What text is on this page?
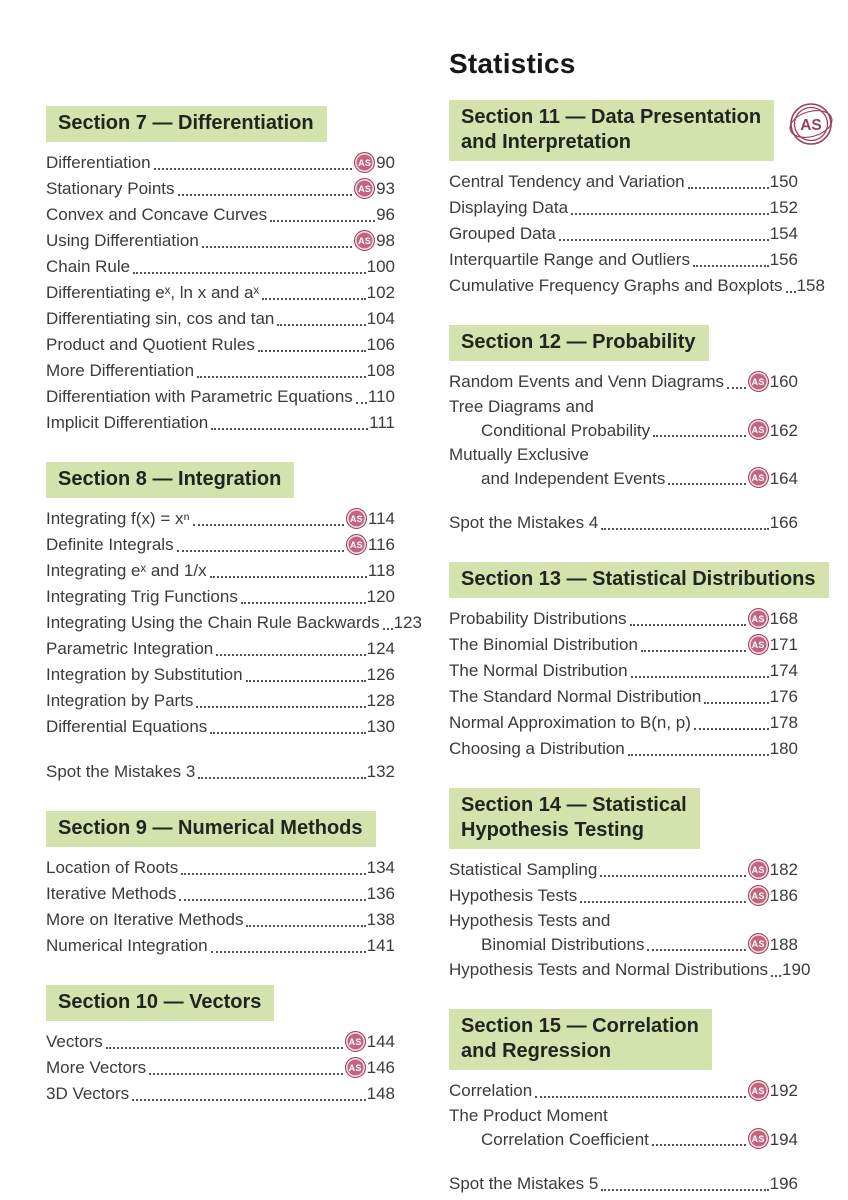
Section 7 — Differentiation
Differentiation	AS 90
Stationary Points	AS 93
Convex and Concave Curves	96
Using Differentiation	AS 98
Chain Rule	100
Differentiating eˣ, ln x and aˣ	102
Differentiating sin, cos and tan	104
Product and Quotient Rules	106
More Differentiation	108
Differentiation with Parametric Equations 110
Implicit Differentiation	111
Section 8 — Integration
Integrating f(x) = xⁿ	AS 114
Definite Integrals	AS 116
Integrating eˣ and 1/x	118
Integrating Trig Functions	120
Integrating Using the Chain Rule Backwards 123
Parametric Integration	124
Integration by Substitution	126
Integration by Parts	128
Differential Equations	130
Spot the Mistakes 3	132
Section 9 — Numerical Methods
Location of Roots	134
Iterative Methods	136
More on Iterative Methods	138
Numerical Integration	141
Section 10 — Vectors
Vectors	AS 144
More Vectors	AS 146
3D Vectors	148
Statistics
Section 11 — Data Presentation
and Interpretation
AS
Central Tendency and Variation	150
Displaying Data	152
Grouped Data	154
Interquartile Range and Outliers	156
Cumulative Frequency Graphs and Boxplots 158
Section 12 — Probability
Random Events and Venn Diagrams	AS 160
Tree Diagrams and
Conditional Probability	AS 162
Mutually Exclusive
and Independent Events	AS 164
Spot the Mistakes 4	166
Section 13 — Statistical Distributions
Probability Distributions	AS 168
The Binomial Distribution	AS 171
The Normal Distribution	174
The Standard Normal Distribution	176
Normal Approximation to B(n, p)	178
Choosing a Distribution	180
Section 14 — Statistical
Hypothesis Testing
Statistical Sampling	AS 182
Hypothesis Tests	AS 186
Hypothesis Tests and
Binomial Distributions	AS 188
Hypothesis Tests and Normal Distributions 190
Section 15 — Correlation
and Regression
Correlation	AS 192
The Product Moment
Correlation Coefficient	AS 194
Spot the Mistakes 5	196
